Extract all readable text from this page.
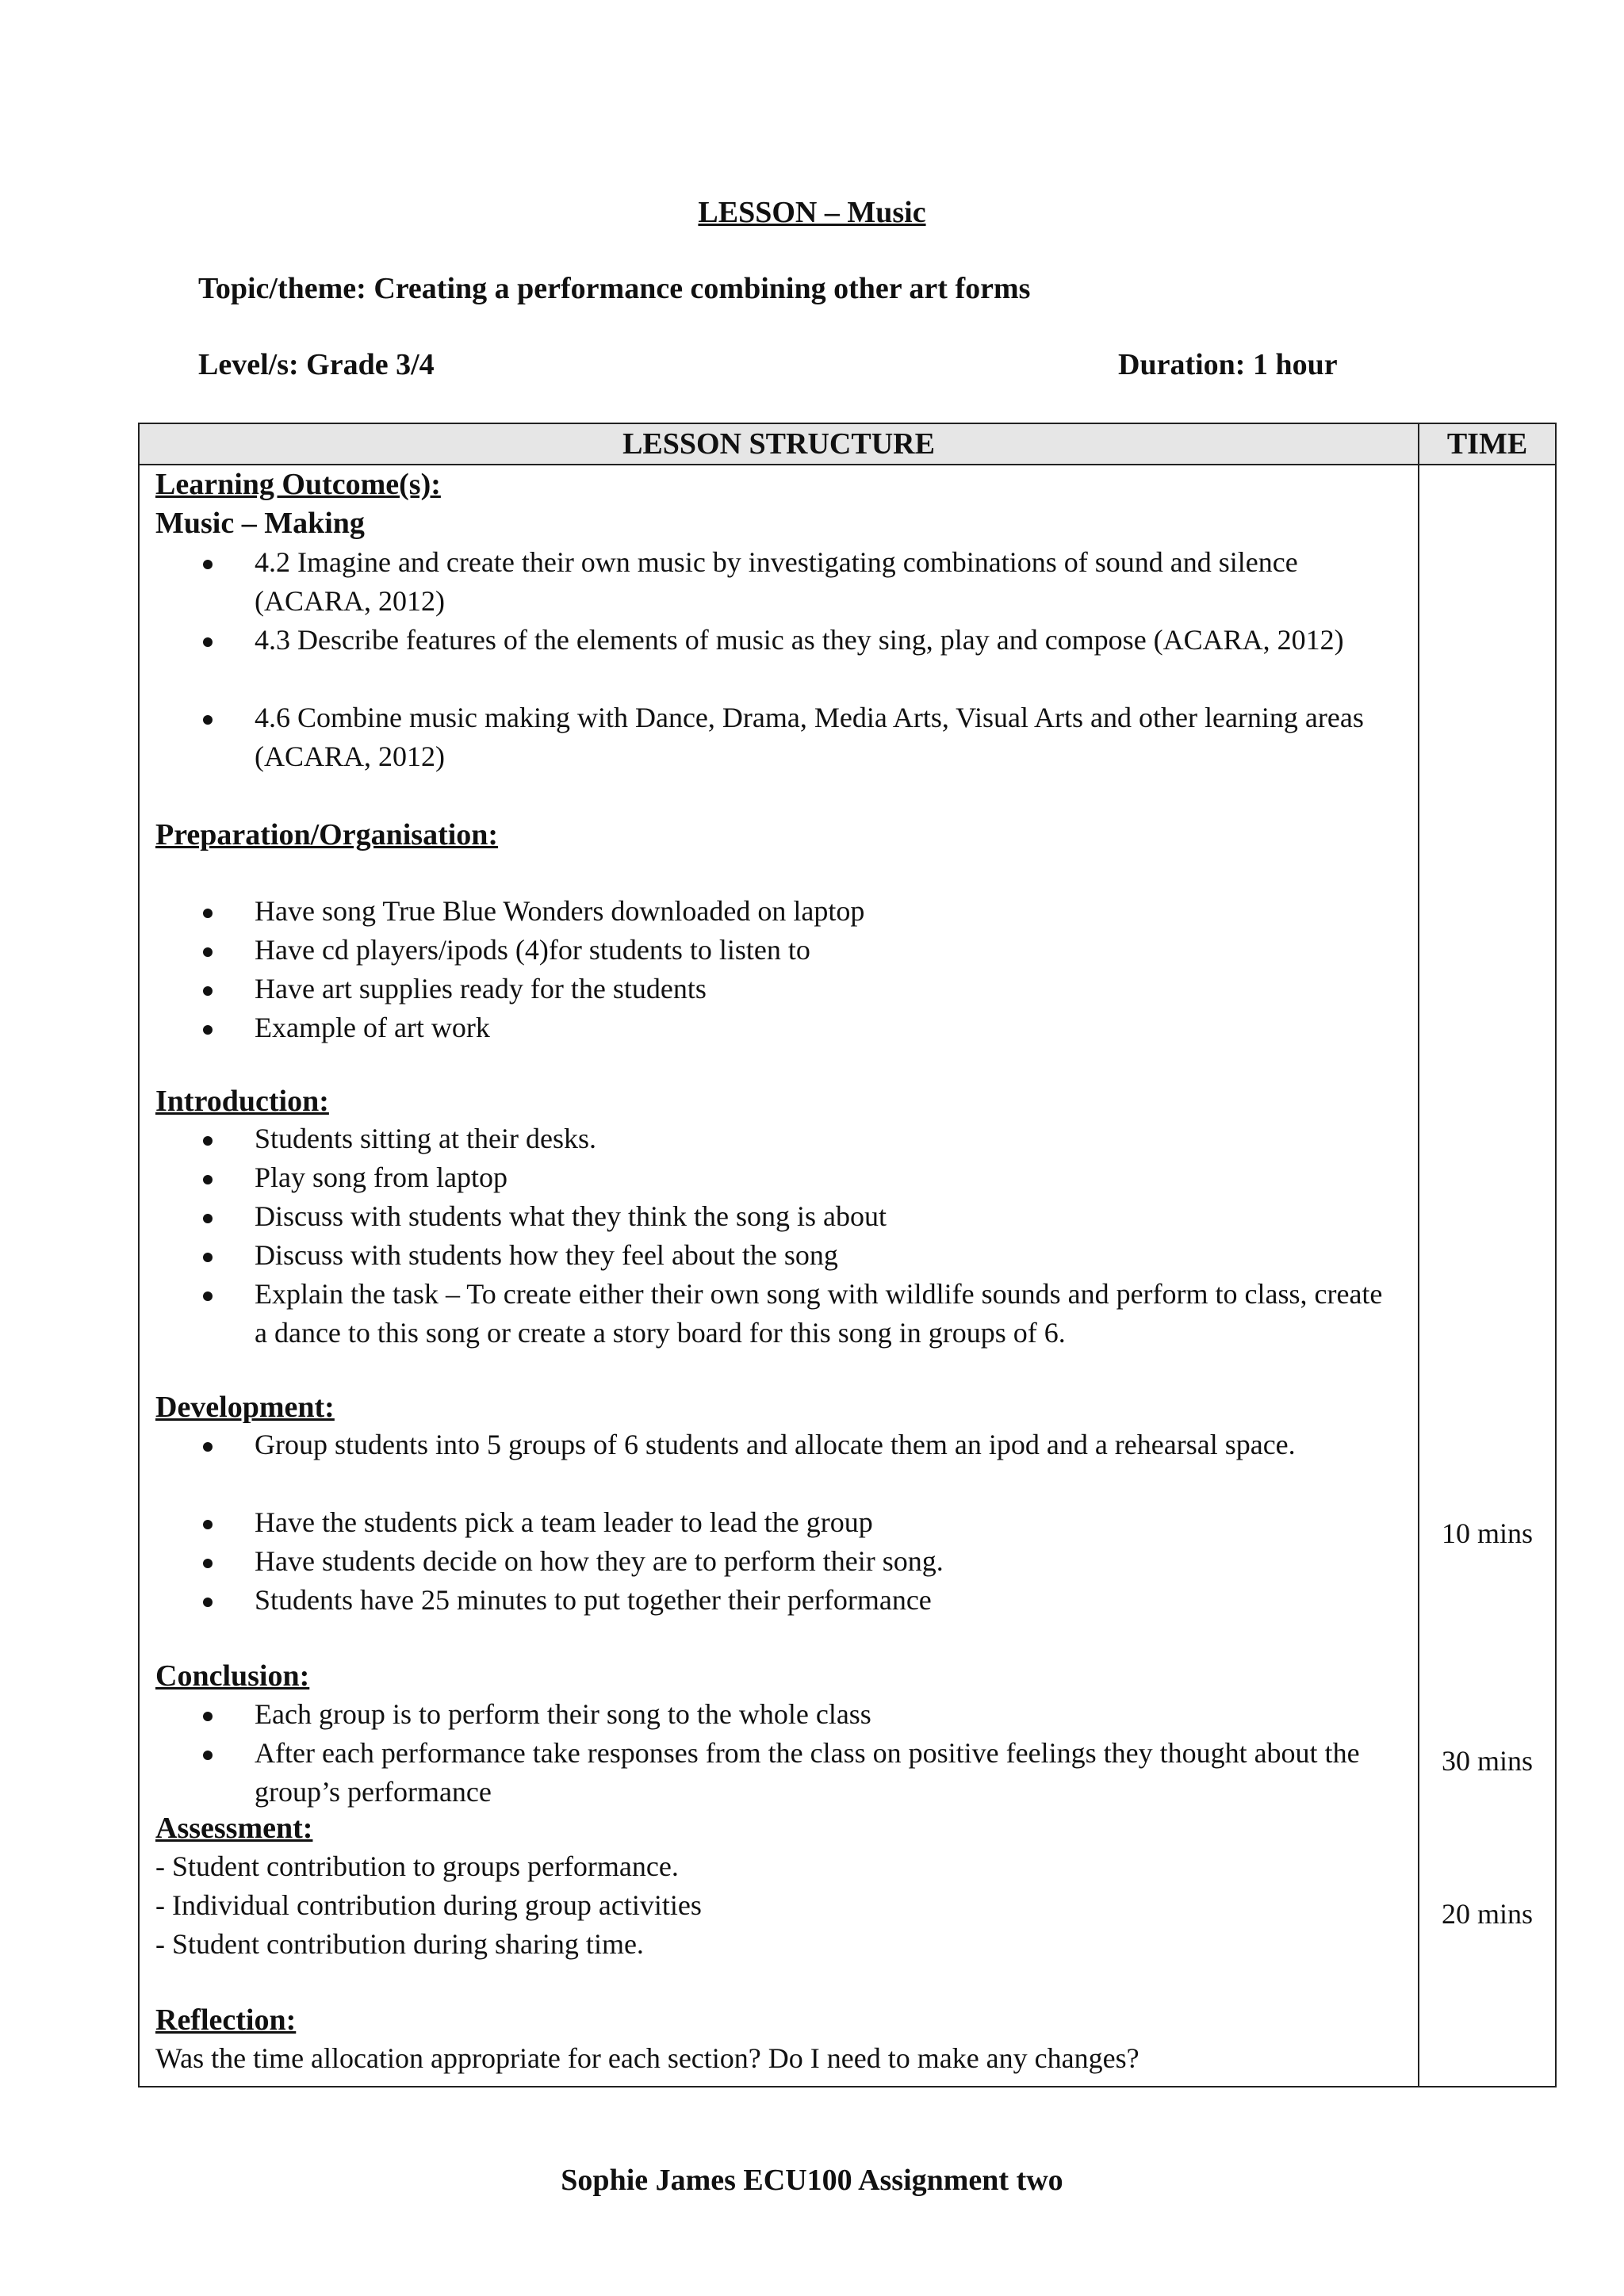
LESSON – Music
Topic/theme: Creating a performance combining other art forms
Level/s: Grade 3/4	Duration: 1 hour
LESSON STRUCTURE	TIME
Learning Outcome(s):
Music – Making
4.2 Imagine and create their own music by investigating combinations of sound and silence (ACARA, 2012)
4.3 Describe features of the elements of music as they sing, play and compose (ACARA, 2012)
4.6 Combine music making with Dance, Drama, Media Arts, Visual Arts and other learning areas (ACARA, 2012)
Preparation/Organisation:
Have song True Blue Wonders downloaded on laptop
Have cd players/ipods (4)for students to listen to
Have art supplies ready for the students
Example of art work
Introduction:
Students sitting at their desks.
Play song from laptop
Discuss with students what they think the song is about
Discuss with students how they feel about the song
Explain the task – To create either their own song with wildlife sounds and perform to class, create a dance to this song or create a story board for this song in groups of 6.
Development:
Group students into 5 groups of 6 students and allocate them an ipod and a rehearsal space.
Have the students pick a team leader to lead the group
Have students decide on how they are to perform their song.
Students have 25 minutes to put together their performance
Conclusion:
Each group is to perform their song to the whole class
After each performance take responses from the class on positive feelings they thought about the group’s performance
Assessment:
- Student contribution to groups performance.
- Individual contribution during group activities
- Student contribution during sharing time.
Reflection:
Was the time allocation appropriate for each section? Do I need to make any changes?
10 mins
30 mins
20 mins
Sophie James ECU100 Assignment two
